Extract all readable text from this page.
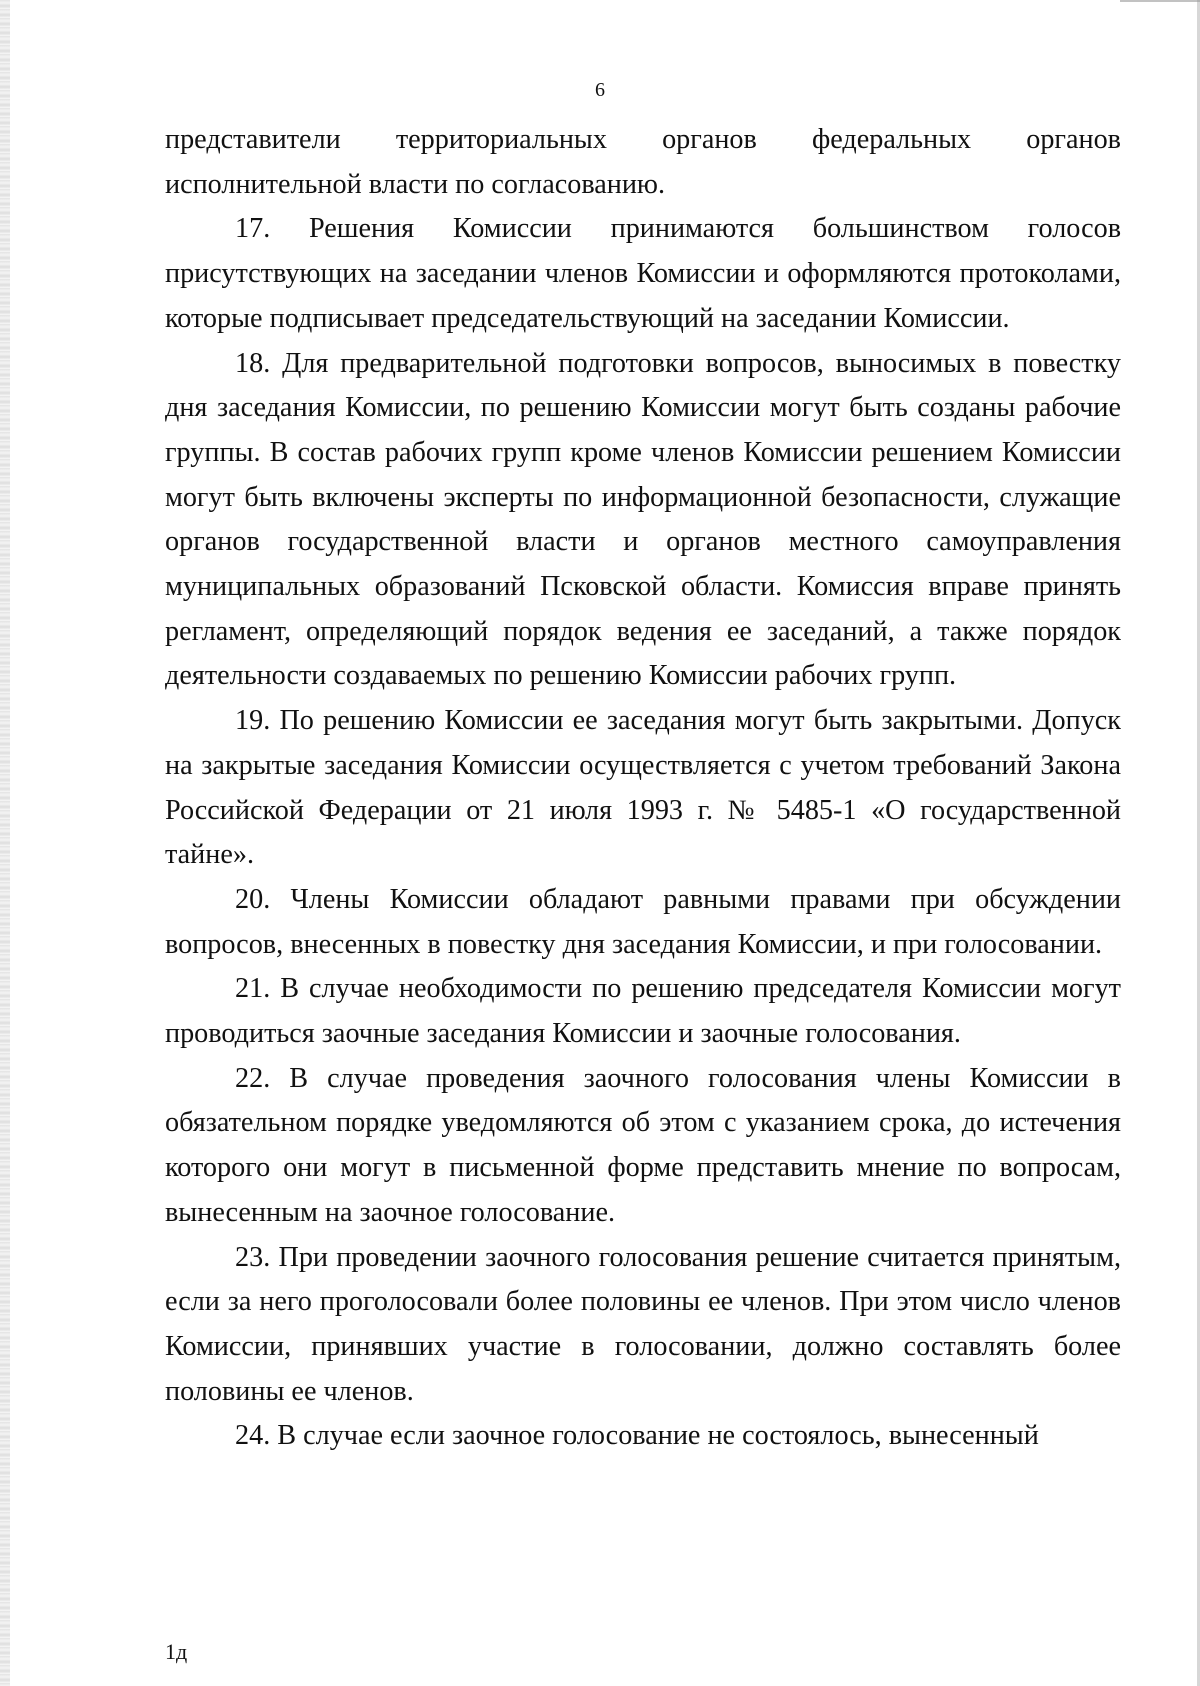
6

представители территориальных органов федеральных органов исполнительной власти по согласованию.

17. Решения Комиссии принимаются большинством голосов присутствующих на заседании членов Комиссии и оформляются протоколами, которые подписывает председательствующий на заседании Комиссии.

18. Для предварительной подготовки вопросов, выносимых в повестку дня заседания Комиссии, по решению Комиссии могут быть созданы рабочие группы. В состав рабочих групп кроме членов Комиссии решением Комиссии могут быть включены эксперты по информационной безопасности, служащие органов государственной власти и органов местного самоуправления муниципальных образований Псковской области. Комиссия вправе принять регламент, определяющий порядок ведения ее заседаний, а также порядок деятельности создаваемых по решению Комиссии рабочих групп.

19. По решению Комиссии ее заседания могут быть закрытыми. Допуск на закрытые заседания Комиссии осуществляется с учетом требований Закона Российской Федерации от 21 июля 1993 г. № 5485-1 «О государственной тайне».

20. Члены Комиссии обладают равными правами при обсуждении вопросов, внесенных в повестку дня заседания Комиссии, и при голосовании.

21. В случае необходимости по решению председателя Комиссии могут проводиться заочные заседания Комиссии и заочные голосования.

22. В случае проведения заочного голосования члены Комиссии в обязательном порядке уведомляются об этом с указанием срока, до истечения которого они могут в письменной форме представить мнение по вопросам, вынесенным на заочное голосование.

23. При проведении заочного голосования решение считается принятым, если за него проголосовали более половины ее членов. При этом число членов Комиссии, принявших участие в голосовании, должно составлять более половины ее членов.

24. В случае если заочное голосование не состоялось, вынесенный

1д
